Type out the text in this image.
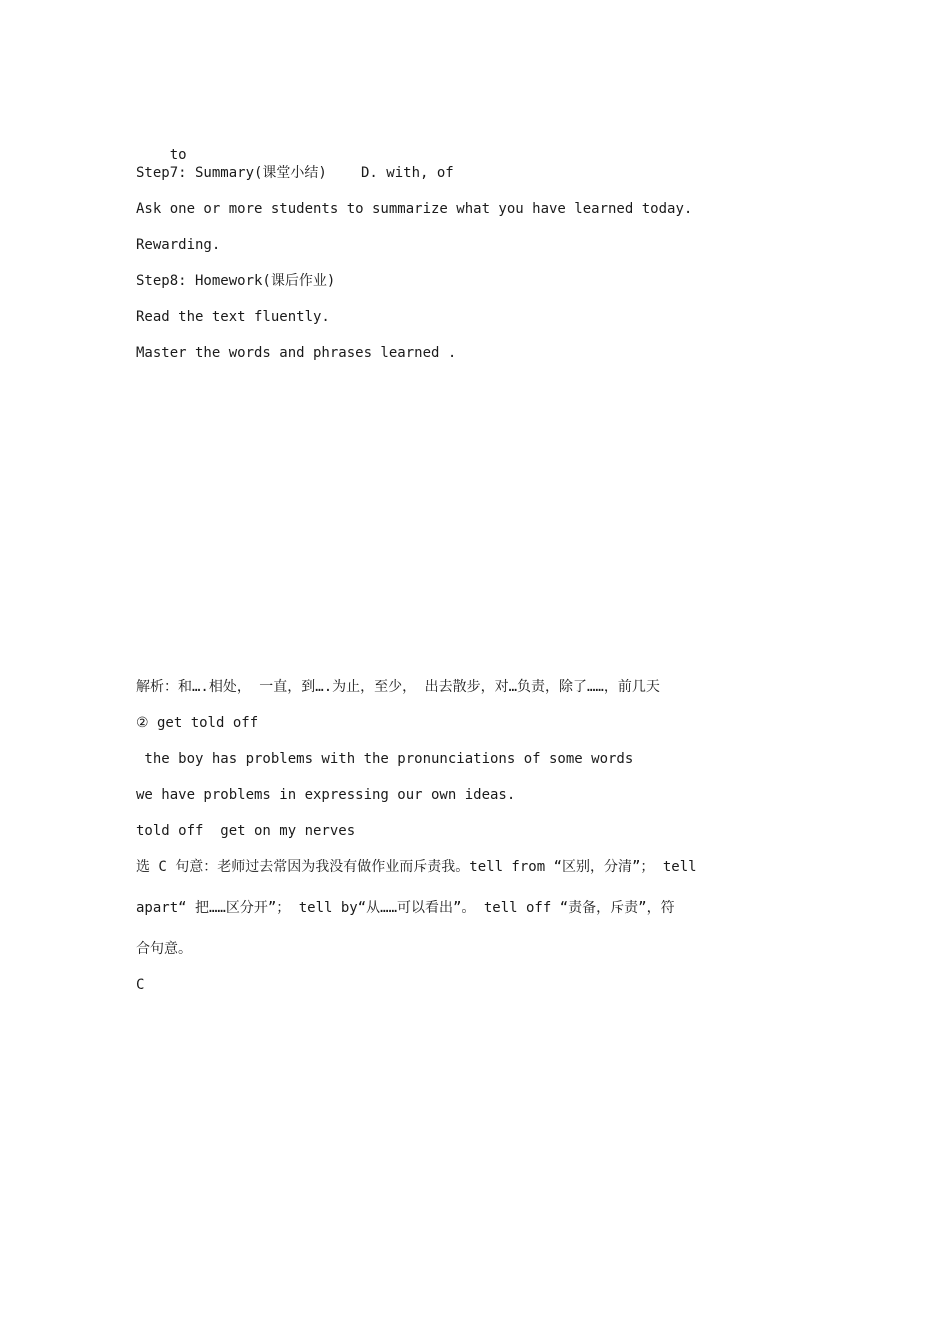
to

D. with, of

Step7: Summary(课堂小结)
Ask one or more students to summarize what you have learned today.
Rewarding.
Step8: Homework(课后作业)
Read the text fluently.
Master the words and phrases learned .
解析：和….相处， 一直，到….为止，至少， 出去散步，对…负责，除了……，前几天
② get told off
the boy has problems with the pronunciations of some words
we have problems in expressing our own ideas.
told off  get on my nerves
选 C 句意：老师过去常因为我没有做作业而斥责我。tell from “区别，分清”； tell
apart“ 把……区分开”； tell by“从……可以看出”。 tell off “责备，斥责”，符
合句意。
C
